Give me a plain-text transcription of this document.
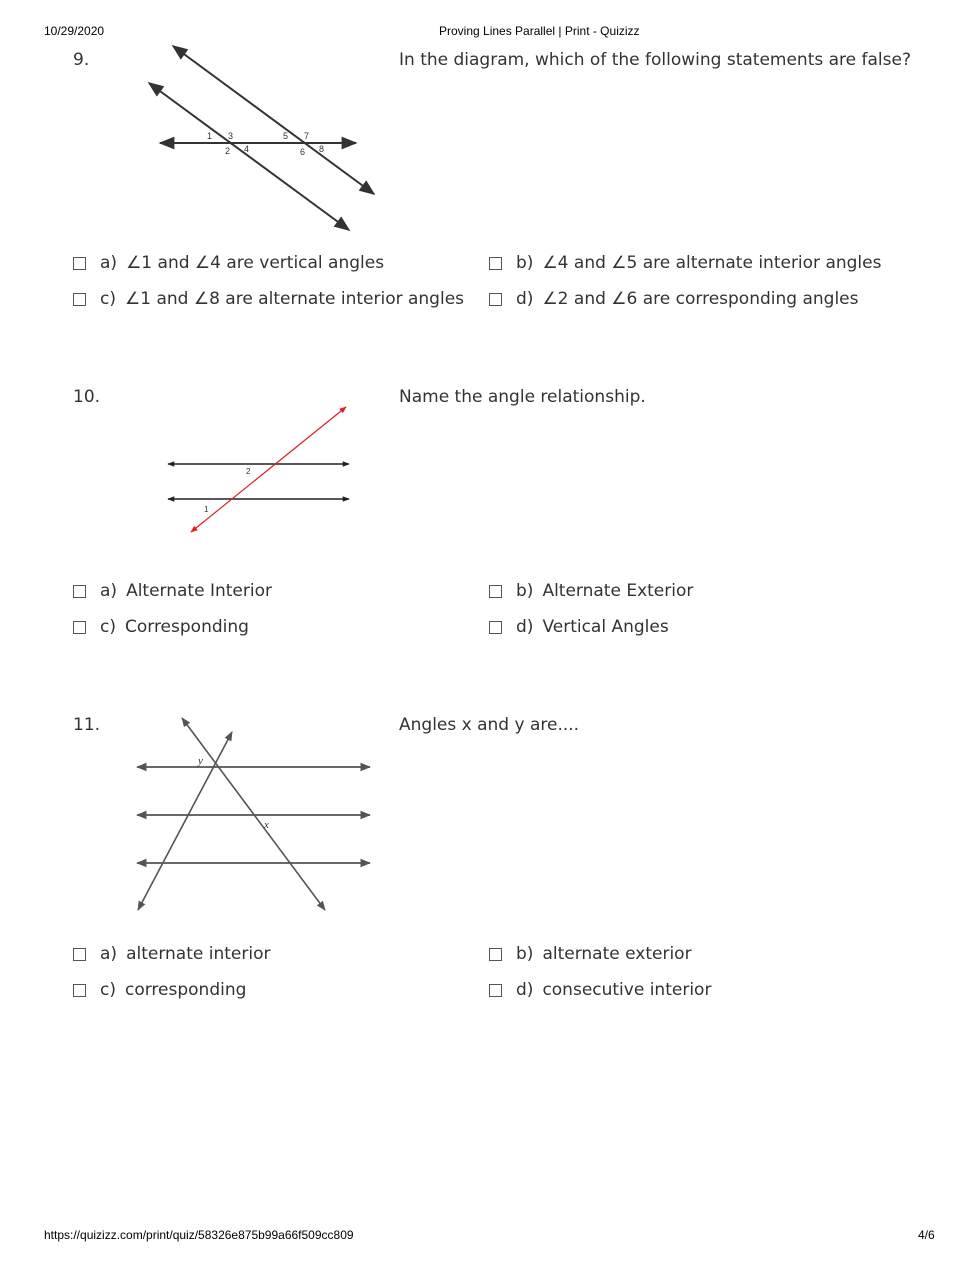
10/29/2020	Proving Lines Parallel | Print - Quizizz
9.	In the diagram, which of the following statements are false?
1 3
2 4
5 7
6 8
a) ∠1 and ∠4 are vertical angles	b) ∠4 and ∠5 are alternate interior angles
c) ∠1 and ∠8 are alternate interior angles	d) ∠2 and ∠6 are corresponding angles
10.	Name the angle relationship.
2
1
a) Alternate Interior	b) Alternate Exterior
c) Corresponding	d) Vertical Angles
11.	Angles x and y are....
y
x
a) alternate interior	b) alternate exterior
c) corresponding	d) consecutive interior
https://quizizz.com/print/quiz/58326e875b99a66f509cc809	4/6
